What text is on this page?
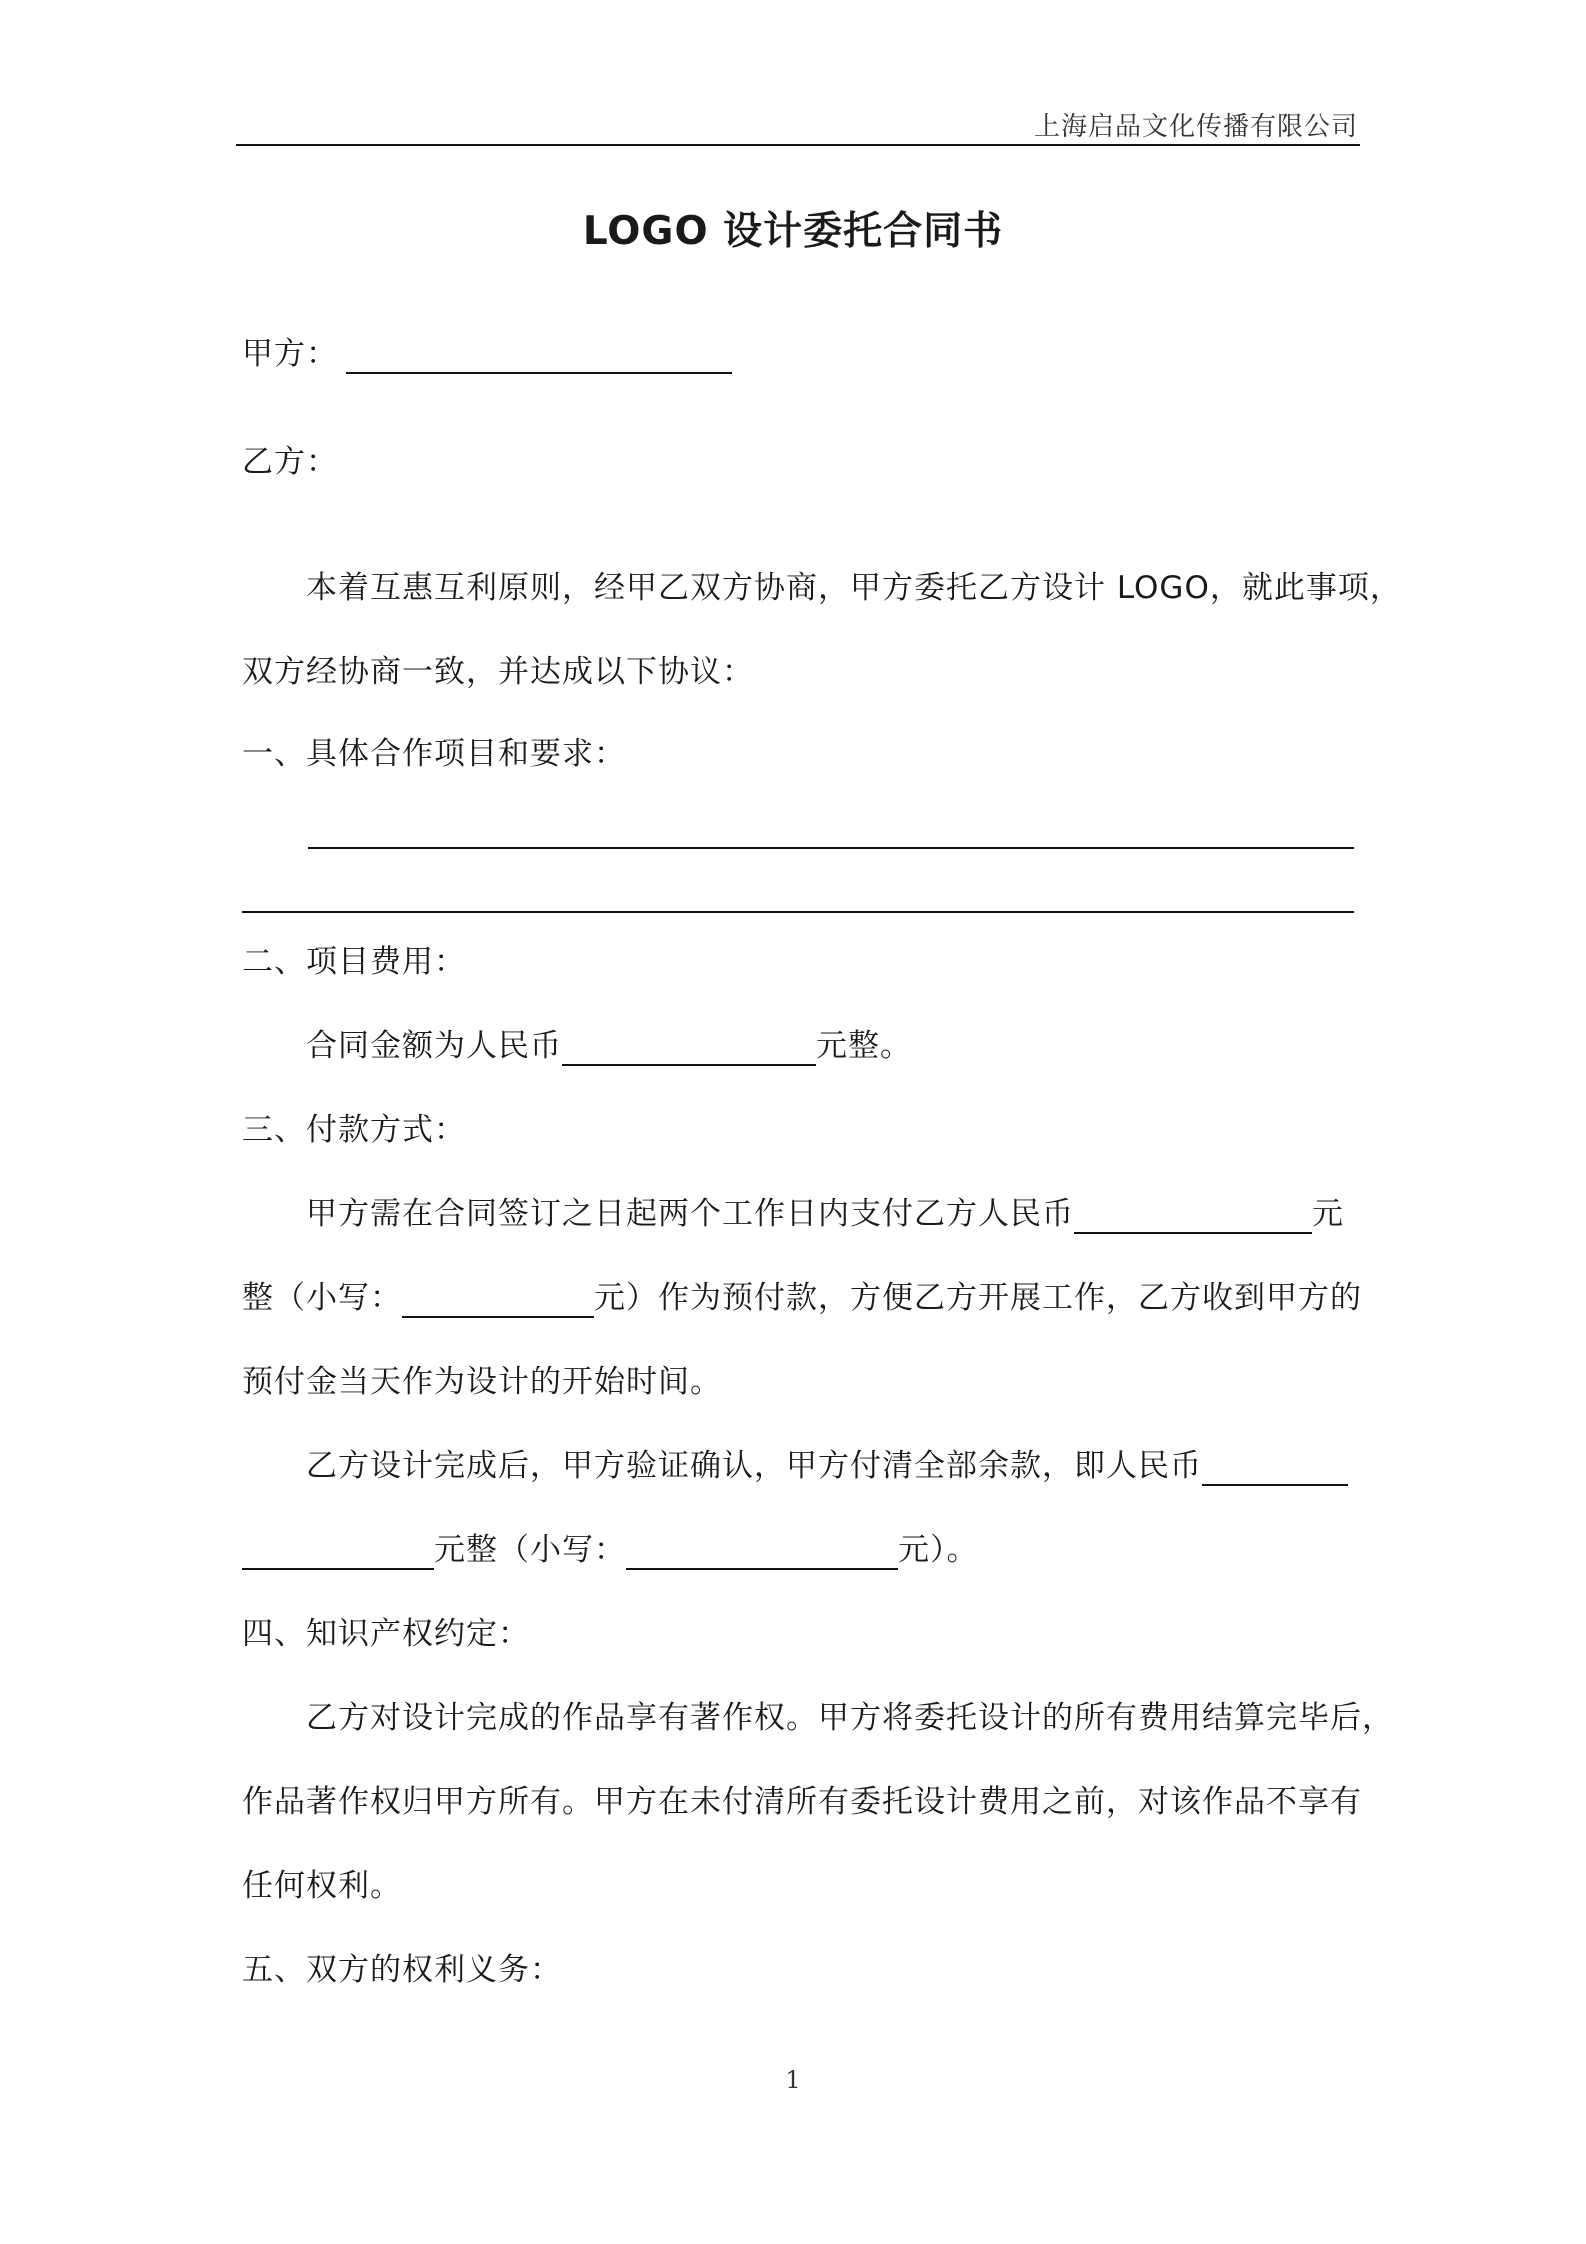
上海启品文化传播有限公司
LOGO 设计委托合同书
甲方：
乙方：
本着互惠互利原则，经甲乙双方协商，甲方委托乙方设计 LOGO，就此事项，
双方经协商一致，并达成以下协议：
一、具体合作项目和要求：
二、项目费用：
合同金额为人民币	元整。
三、付款方式：
甲方需在合同签订之日起两个工作日内支付乙方人民币	元
整（小写：	元）作为预付款，方便乙方开展工作，乙方收到甲方的
预付金当天作为设计的开始时间。
乙方设计完成后，甲方验证确认，甲方付清全部余款，即人民币
元整（小写：	元）。
四、知识产权约定：
乙方对设计完成的作品享有著作权。甲方将委托设计的所有费用结算完毕后，
作品著作权归甲方所有。甲方在未付清所有委托设计费用之前，对该作品不享有
任何权利。
五、双方的权利义务：
1
